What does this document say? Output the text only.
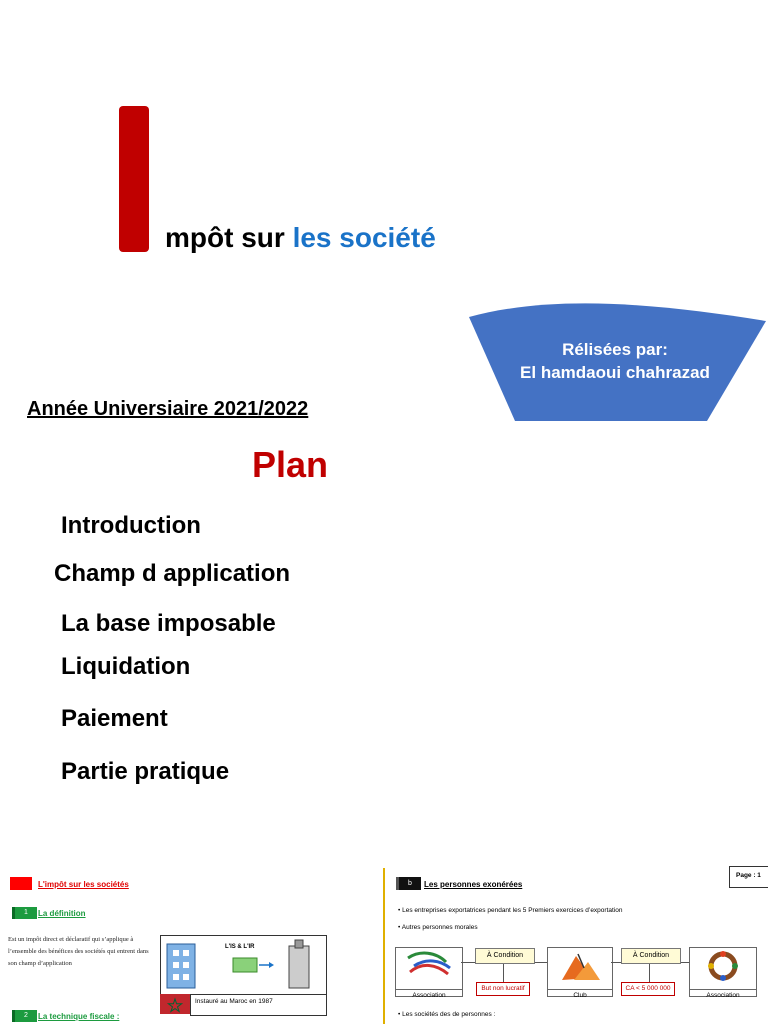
mpôt sur les société
Rélisées par:
El hamdaoui chahrazad
Année Universiaire 2021/2022
Plan
Introduction
Champ d application
La base imposable
Liquidation
Paiement
Partie pratique
L'impôt sur les sociétés
1	La définition
Est un impôt direct et déclaratif qui s’applique à l’ensemble des bénéfices des sociétés qui entrent dans son champ d’application
L'IS & L'IR
Instauré au Maroc en 1987
2	La technique fiscale :
Page : 1
b	Les personnes exonérées
• Les entreprises exportatrices pendant les 5 Premiers exercices d’exportation
• Autres personnes morales
Association
À Condition
But non lucratif
Club
À Condition
CA < 5 000 000
Association
• Les sociétés des de personnes :
